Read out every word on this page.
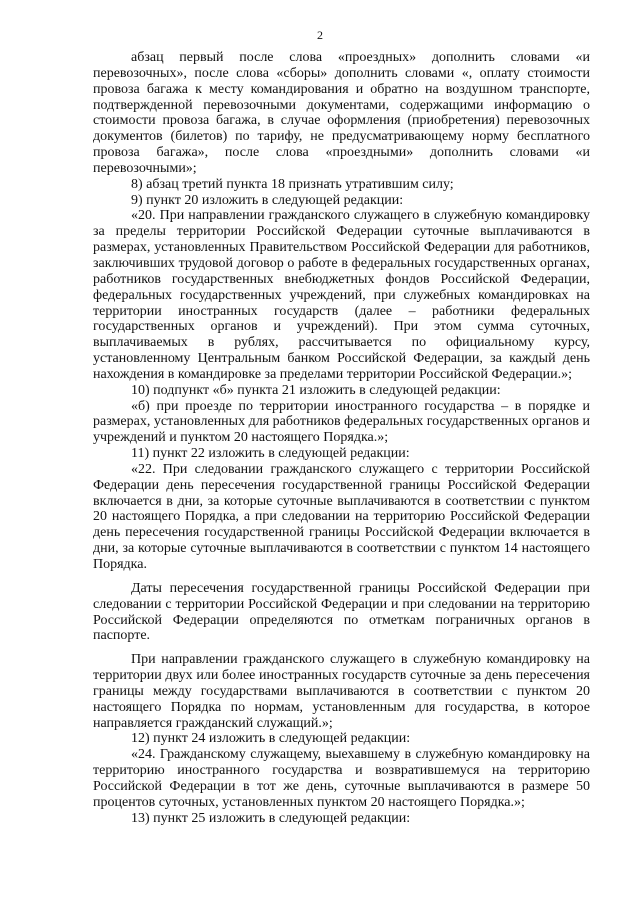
2

абзац первый после слова «проездных» дополнить словами «и перевозочных», после слова «сборы» дополнить словами «, оплату стоимости провоза багажа к месту командирования и обратно на воздушном транспорте, подтвержденной перевозочными документами, содержащими информацию о стоимости провоза багажа, в случае оформления (приобретения) перевозочных документов (билетов) по тарифу, не предусматривающему норму бесплатного провоза багажа», после слова «проездными» дополнить словами «и перевозочными»;

8) абзац третий пункта 18 признать утратившим силу;

9) пункт 20 изложить в следующей редакции:

«20. При направлении гражданского служащего в служебную командировку за пределы территории Российской Федерации суточные выплачиваются в размерах, установленных Правительством Российской Федерации для работников, заключивших трудовой договор о работе в федеральных государственных органах, работников государственных внебюджетных фондов Российской Федерации, федеральных государственных учреждений, при служебных командировках на территории иностранных государств (далее – работники федеральных государственных органов и учреждений). При этом сумма суточных, выплачиваемых в рублях, рассчитывается по официальному курсу, установленному Центральным банком Российской Федерации, за каждый день нахождения в командировке за пределами территории Российской Федерации.»;

10) подпункт «б» пункта 21 изложить в следующей редакции:

«б) при проезде по территории иностранного государства – в порядке и размерах, установленных для работников федеральных государственных органов и учреждений и пунктом 20 настоящего Порядка.»;

11) пункт 22 изложить в следующей редакции:

«22. При следовании гражданского служащего с территории Российской Федерации день пересечения государственной границы Российской Федерации включается в дни, за которые суточные выплачиваются в соответствии с пунктом 20 настоящего Порядка, а при следовании на территорию Российской Федерации день пересечения государственной границы Российской Федерации включается в дни, за которые суточные выплачиваются в соответствии с пунктом 14 настоящего Порядка.

Даты пересечения государственной границы Российской Федерации при следовании с территории Российской Федерации и при следовании на территорию Российской Федерации определяются по отметкам пограничных органов в паспорте.

При направлении гражданского служащего в служебную командировку на территории двух или более иностранных государств суточные за день пересечения границы между государствами выплачиваются в соответствии с пунктом 20 настоящего Порядка по нормам, установленным для государства, в которое направляется гражданский служащий.»;

12) пункт 24 изложить в следующей редакции:

«24. Гражданскому служащему, выехавшему в служебную командировку на территорию иностранного государства и возвратившемуся на территорию Российской Федерации в тот же день, суточные выплачиваются в размере 50 процентов суточных, установленных пунктом 20 настоящего Порядка.»;

13) пункт 25 изложить в следующей редакции:
